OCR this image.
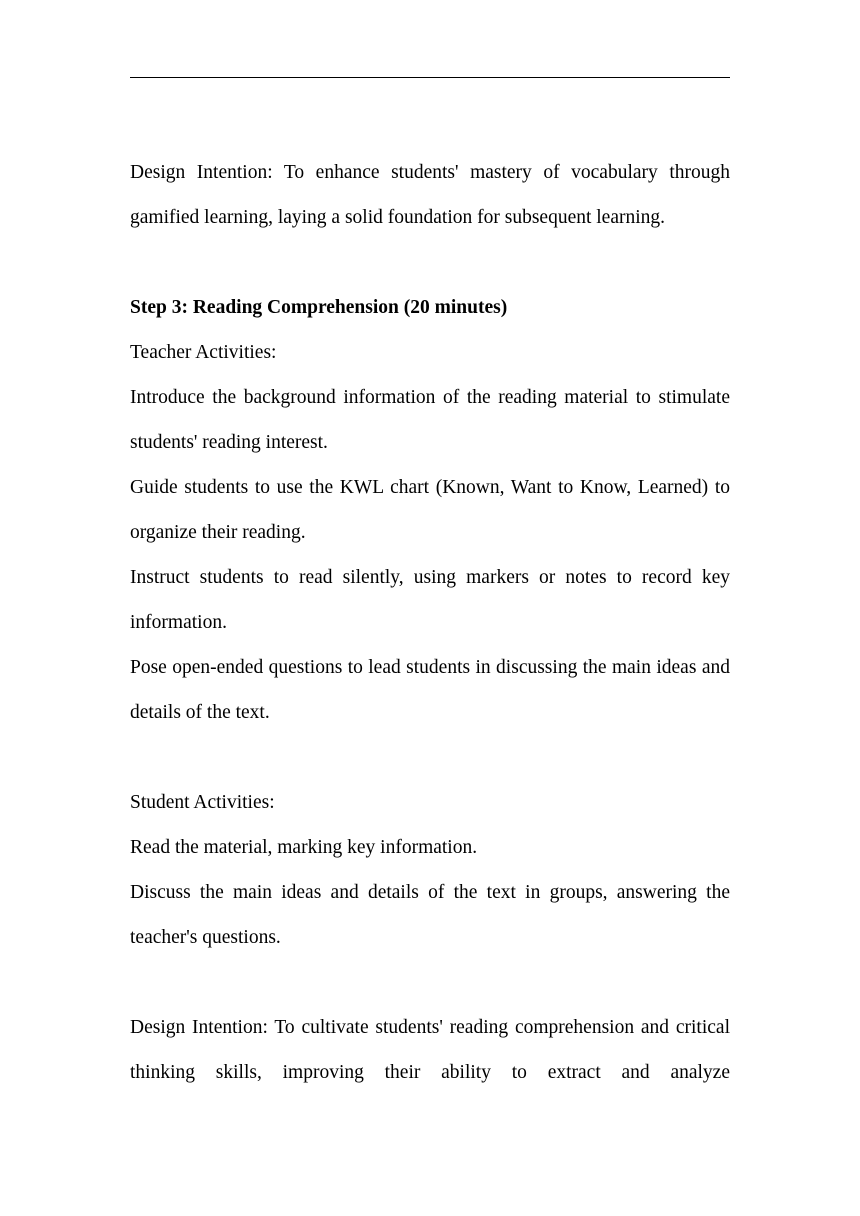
Design Intention: To enhance students' mastery of vocabulary through gamified learning, laying a solid foundation for subsequent learning.

Step 3: Reading Comprehension (20 minutes)

Teacher Activities:

Introduce the background information of the reading material to stimulate students' reading interest.

Guide students to use the KWL chart (Known, Want to Know, Learned) to organize their reading.

Instruct students to read silently, using markers or notes to record key information.

Pose open-ended questions to lead students in discussing the main ideas and details of the text.

Student Activities:

Read the material, marking key information.

Discuss the main ideas and details of the text in groups, answering the teacher's questions.

Design Intention: To cultivate students' reading comprehension and critical thinking skills, improving their ability to extract and analyze
